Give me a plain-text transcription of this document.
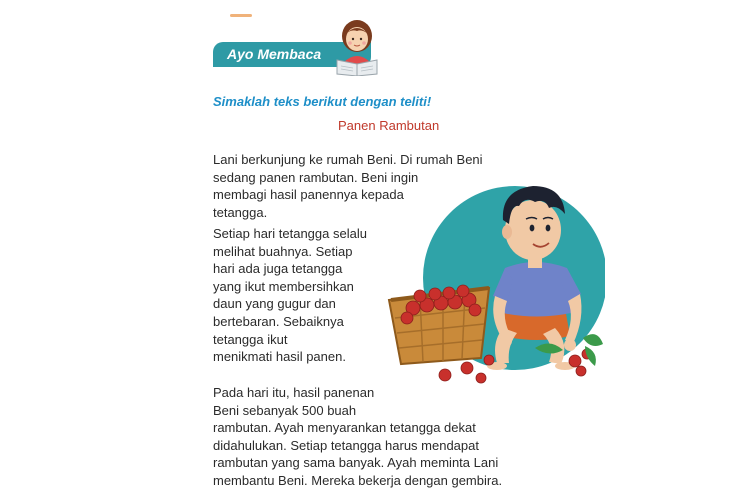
Ayo Membaca
Simaklah teks berikut dengan teliti!
Panen Rambutan
Lani berkunjung ke rumah Beni. Di rumah Beni
sedang panen rambutan. Beni ingin
membagi hasil panennya kepada
tetangga.
Setiap hari tetangga selalu
melihat buahnya. Setiap
hari ada juga tetangga
yang ikut membersihkan
daun yang gugur dan
bertebaran. Sebaiknya
tetangga ikut
menikmati hasil panen.
Pada hari itu, hasil panenan
Beni sebanyak 500 buah
rambutan. Ayah menyarankan tetangga dekat
didahulukan. Setiap tetangga harus mendapat
rambutan yang sama banyak. Ayah meminta Lani
membantu Beni. Mereka bekerja dengan gembira.
